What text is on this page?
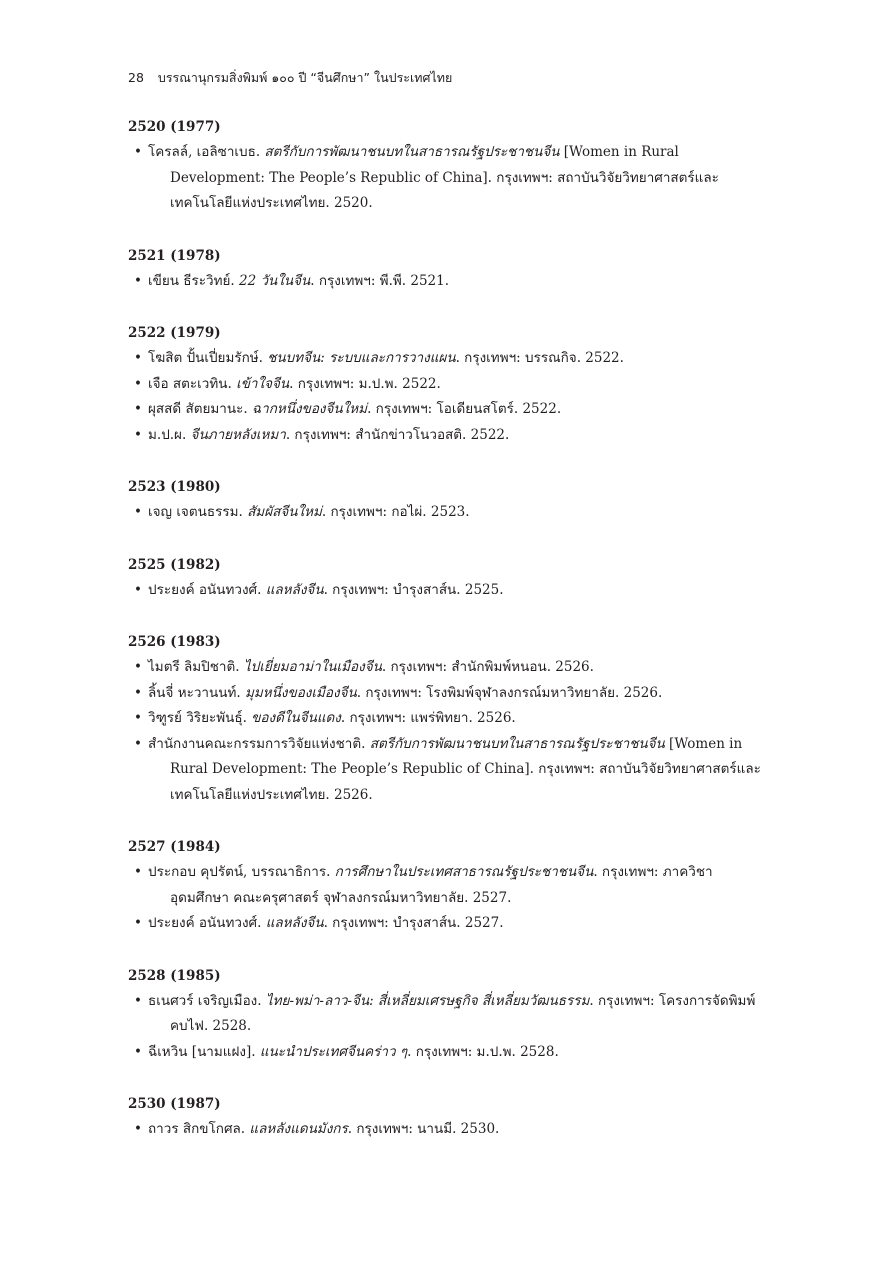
28 บรรณานุกรมสิ่งพิมพ์ ๑๐๐ ปี “จีนศึกษา” ในประเทศไทย
2520 (1977)
• โครลล์, เอลิซาเบธ. สตรีกับการพัฒนาชนบทในสาธารณรัฐประชาชนจีน [Women in Rural Development: The People’s Republic of China]. กรุงเทพฯ: สถาบันวิจัยวิทยาศาสตร์และเทคโนโลยีแห่งประเทศไทย. 2520.
2521 (1978)
• เขียน ธีระวิทย์. 22 วันในจีน. กรุงเทพฯ: พี.พี. 2521.
2522 (1979)
• โฆสิต ปั้นเปี่ยมรักษ์. ชนบทจีน: ระบบและการวางแผน. กรุงเทพฯ: บรรณกิจ. 2522.
• เจือ สตะเวทิน. เข้าใจจีน. กรุงเทพฯ: ม.ป.พ. 2522.
• ผุสสดี สัตยมานะ. ฉากหนึ่งของจีนใหม่. กรุงเทพฯ: โอเดียนสโตร์. 2522.
• ม.ป.ผ. จีนภายหลังเหมา. กรุงเทพฯ: สำนักข่าวโนวอสติ. 2522.
2523 (1980)
• เจญ เจตนธรรม. สัมผัสจีนใหม่. กรุงเทพฯ: กอไผ่. 2523.
2525 (1982)
• ประยงค์ อนันทวงศ์. แลหลังจีน. กรุงเทพฯ: บำรุงสาส์น. 2525.
2526 (1983)
• ไมตรี ลิมปิชาติ. ไปเยี่ยมอาม่าในเมืองจีน. กรุงเทพฯ: สำนักพิมพ์หนอน. 2526.
• ลิ้นจี่ หะวานนท์. มุมหนึ่งของเมืองจีน. กรุงเทพฯ: โรงพิมพ์จุฬาลงกรณ์มหาวิทยาลัย. 2526.
• วิฑูรย์ วิริยะพันธุ์. ของดีในจีนแดง. กรุงเทพฯ: แพร่พิทยา. 2526.
• สำนักงานคณะกรรมการวิจัยแห่งชาติ. สตรีกับการพัฒนาชนบทในสาธารณรัฐประชาชนจีน [Women in Rural Development: The People’s Republic of China]. กรุงเทพฯ: สถาบันวิจัยวิทยาศาสตร์และเทคโนโลยีแห่งประเทศไทย. 2526.
2527 (1984)
• ประกอบ คุปรัตน์, บรรณาธิการ. การศึกษาในประเทศสาธารณรัฐประชาชนจีน. กรุงเทพฯ: ภาควิชาอุดมศึกษา คณะครุศาสตร์ จุฬาลงกรณ์มหาวิทยาลัย. 2527.
• ประยงค์ อนันทวงศ์. แลหลังจีน. กรุงเทพฯ: บำรุงสาส์น. 2527.
2528 (1985)
• ธเนศวร์ เจริญเมือง. ไทย-พม่า-ลาว-จีน: สี่เหลี่ยมเศรษฐกิจ สี่เหลี่ยมวัฒนธรรม. กรุงเทพฯ: โครงการจัดพิมพ์คบไฟ. 2528.
• ฉีเหวิน [นามแฝง]. แนะนำประเทศจีนคร่าว ๆ. กรุงเทพฯ: ม.ป.พ. 2528.
2530 (1987)
• ถาวร สิกขโกศล. แลหลังแดนมังกร. กรุงเทพฯ: นานมี. 2530.
